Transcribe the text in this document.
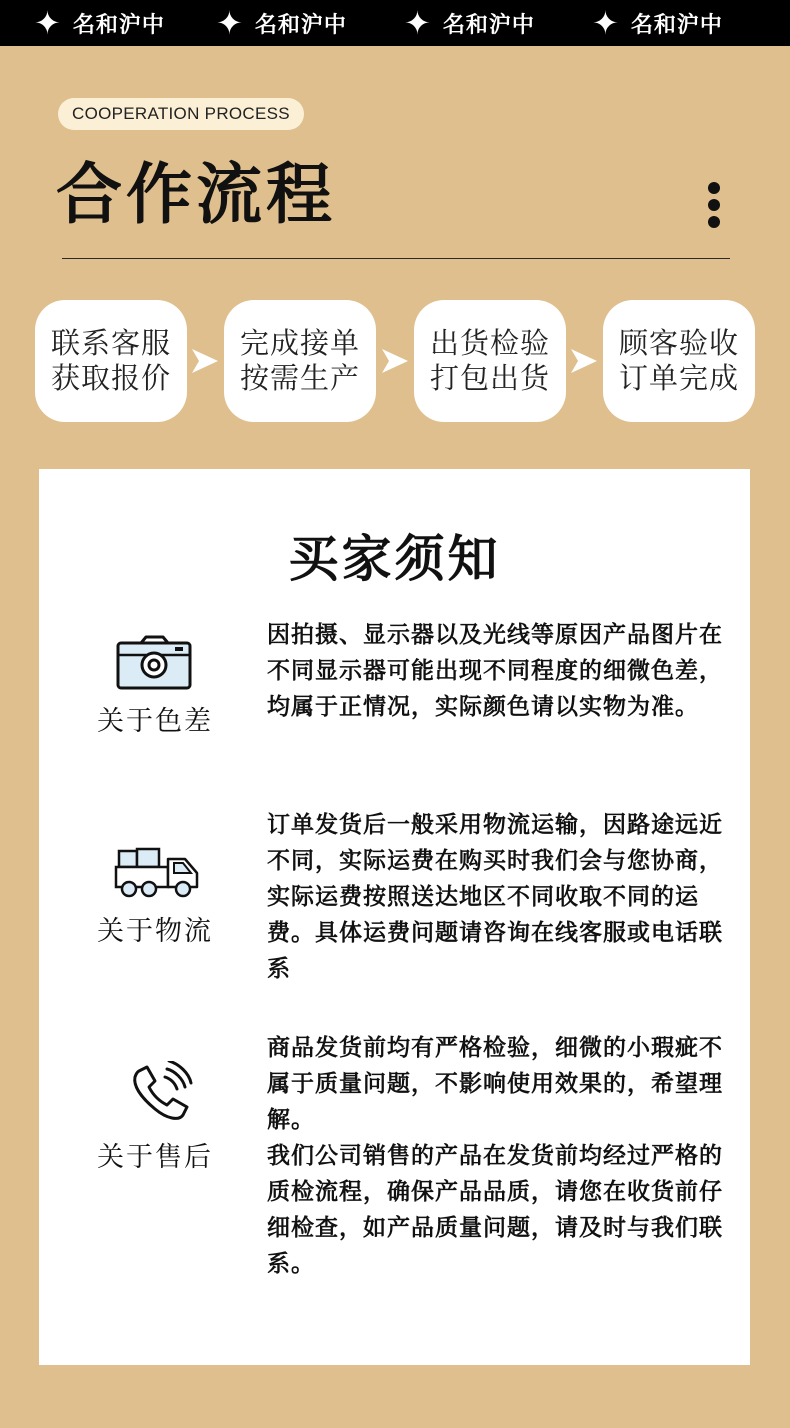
✦ 名和沪中 ✦ 名和沪中 ✦ 名和沪中 ✦ 名和沪中
COOPERATION PROCESS
合作流程
联系客服
获取报价
完成接单
按需生产
出货检验
打包出货
顾客验收
订单完成
买家须知
关于色差

因拍摄、显示器以及光线等原因产品图片在不同显示器可能出现不同程度的细微色差，均属于正情况，实际颜色请以实物为准。

关于物流

订单发货后一般采用物流运输，因路途远近不同，实际运费在购买时我们会与您协商，实际运费按照送达地区不同收取不同的运费。具体运费问题请咨询在线客服或电话联系

关于售后

商品发货前均有严格检验，细微的小瑕疵不属于质量问题，不影响使用效果的，希望理解。

我们公司销售的产品在发货前均经过严格的质检流程，确保产品品质，请您在收货前仔细检查，如产品质量问题，请及时与我们联系。
